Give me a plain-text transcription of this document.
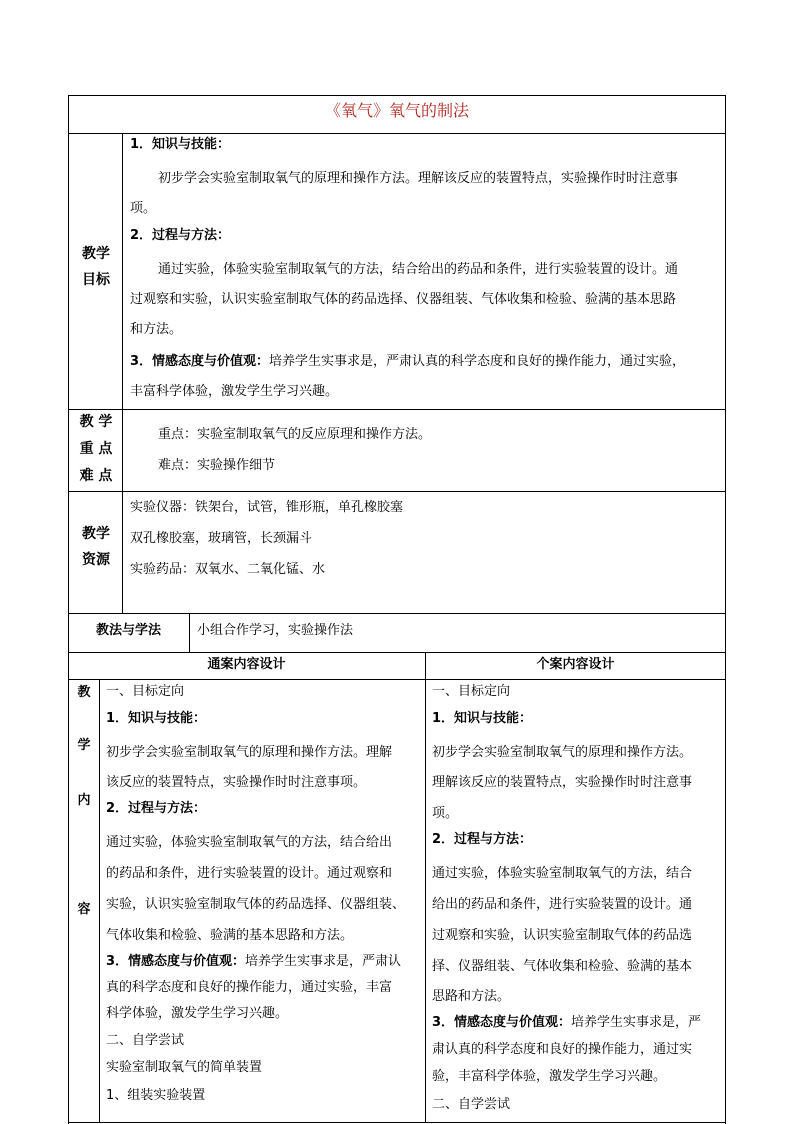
《氧气》氧气的制法
教学
目标
1．知识与技能：
初步学会实验室制取氧气的原理和操作方法。理解该反应的装置特点，实验操作时时注意事
项。
2．过程与方法：
通过实验，体验实验室制取氧气的方法，结合给出的药品和条件，进行实验装置的设计。通
过观察和实验，认识实验室制取气体的药品选择、仪器组装、气体收集和检验、验满的基本思路
和方法。
3．情感态度与价值观：培养学生实事求是，严肃认真的科学态度和良好的操作能力，通过实验，
丰富科学体验，激发学生学习兴趣。
教 学
重 点
难 点
重点：实验室制取氧气的反应原理和操作方法。
难点：实验操作细节
教学
资源
实验仪器：铁架台，试管，锥形瓶，单孔橡胶塞
双孔橡胶塞，玻璃管，长颈漏斗
实验药品：双氧水、二氧化锰、水
教法与学法	小组合作学习，实验操作法
通案内容设计	个案内容设计
教
学
内
容
一、目标定向
1．知识与技能：
初步学会实验室制取氧气的原理和操作方法。理解
该反应的装置特点，实验操作时时注意事项。
2．过程与方法：
通过实验，体验实验室制取氧气的方法，结合给出
的药品和条件，进行实验装置的设计。通过观察和
实验，认识实验室制取气体的药品选择、仪器组装、
气体收集和检验、验满的基本思路和方法。
3．情感态度与价值观：培养学生实事求是，严肃认
真的科学态度和良好的操作能力，通过实验，丰富
科学体验，激发学生学习兴趣。
二、自学尝试
实验室制取氧气的简单装置
1、组装实验装置
一、目标定向
1．知识与技能：
初步学会实验室制取氧气的原理和操作方法。
理解该反应的装置特点，实验操作时时注意事
项。
2．过程与方法：
通过实验，体验实验室制取氧气的方法，结合
给出的药品和条件，进行实验装置的设计。通
过观察和实验，认识实验室制取气体的药品选
择、仪器组装、气体收集和检验、验满的基本
思路和方法。
3．情感态度与价值观：培养学生实事求是，严
肃认真的科学态度和良好的操作能力，通过实
验，丰富科学体验，激发学生学习兴趣。
二、自学尝试
